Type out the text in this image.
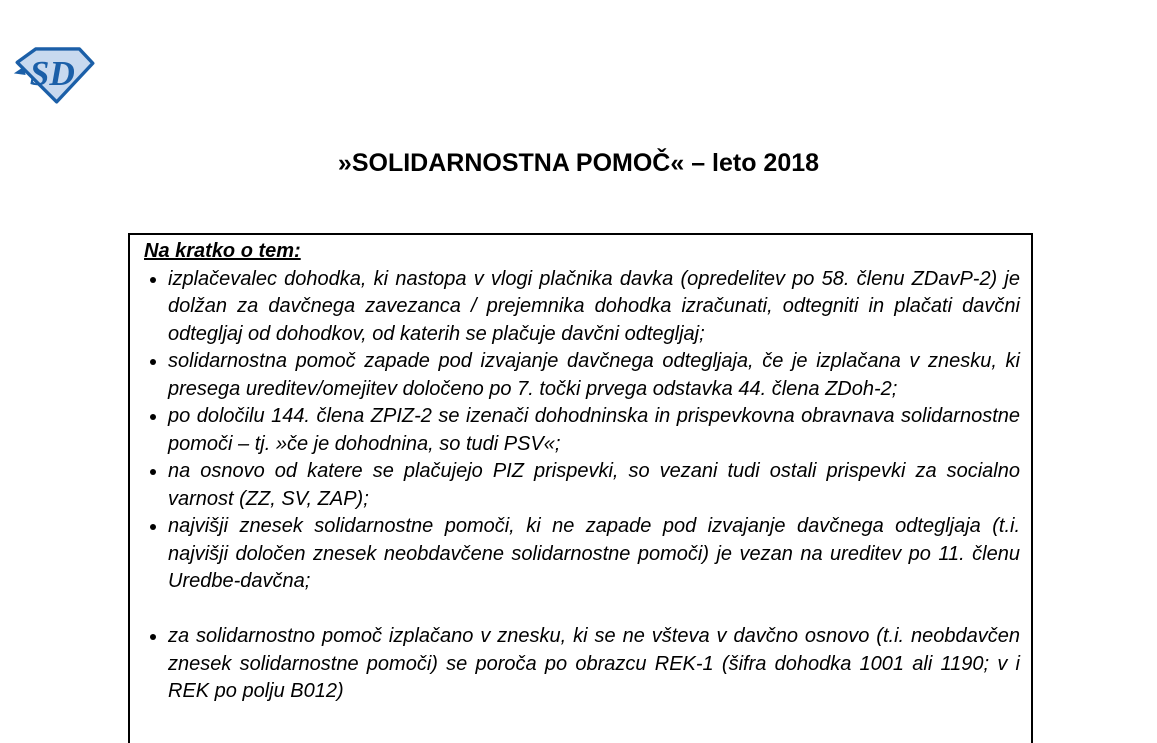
SD
»SOLIDARNOSTNA POMOČ« – leto 2018
Na kratko o tem:
• izplačevalec dohodka, ki nastopa v vlogi plačnika davka (opredelitev po 58. členu ZDavP-2) je dolžan za davčnega zavezanca / prejemnika dohodka izračunati, odtegniti in plačati davčni odtegljaj od dohodkov, od katerih se plačuje davčni odtegljaj;
• solidarnostna pomoč zapade pod izvajanje davčnega odtegljaja, če je izplačana v znesku, ki presega ureditev/omejitev določeno po 7. točki prvega odstavka 44. člena ZDoh-2;
• po določilu 144. člena ZPIZ-2 se izenači dohodninska in prispevkovna obravnava solidarnostne pomoči – tj. »če je dohodnina, so tudi PSV«;
• na osnovo od katere se plačujejo PIZ prispevki, so vezani tudi ostali prispevki za socialno varnost (ZZ, SV, ZAP);
• najvišji znesek solidarnostne pomoči, ki ne zapade pod izvajanje davčnega odtegljaja (t.i. najvišji določen znesek neobdavčene solidarnostne pomoči) je vezan na ureditev po 11. členu Uredbe-davčna;
• za solidarnostno pomoč izplačano v znesku, ki se ne všteva v davčno osnovo (t.i. neobdavčen znesek solidarnostne pomoči) se poroča po obrazcu REK-1 (šifra dohodka 1001 ali 1190; v i REK po polju B012)
